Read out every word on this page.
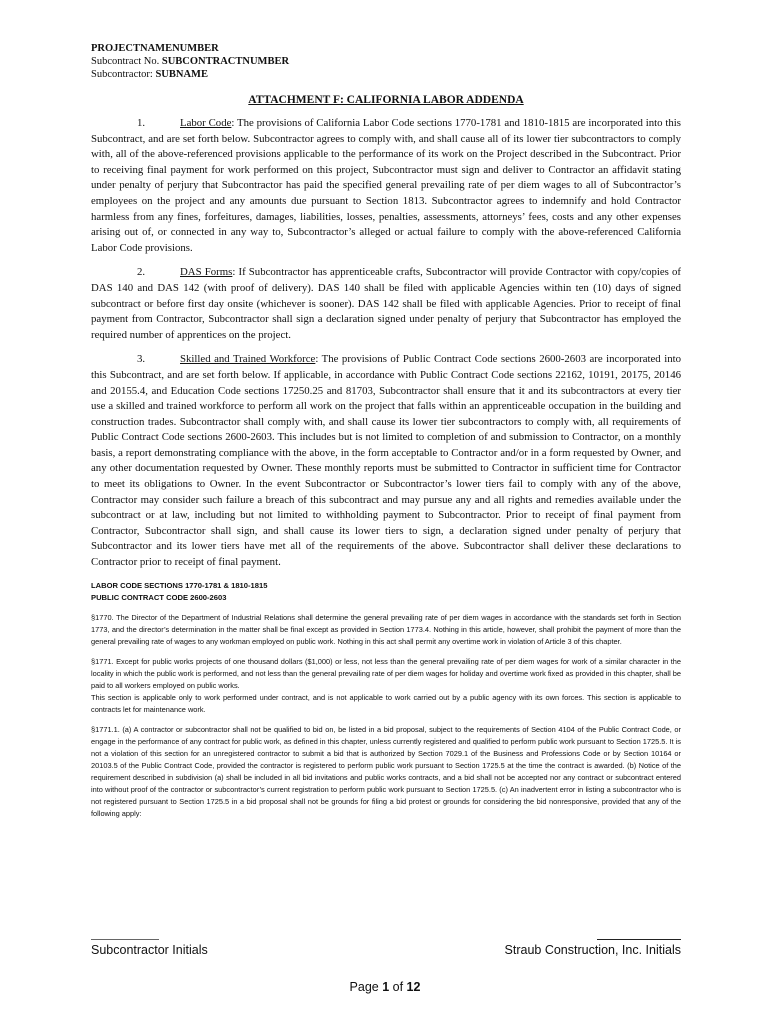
PROJECTNAMENUMBER
Subcontract No. SUBCONTRACTNUMBER
Subcontractor: SUBNAME
ATTACHMENT F: CALIFORNIA LABOR ADDENDA

1.	Labor Code: The provisions of California Labor Code sections 1770-1781 and 1810-1815 are incorporated into this Subcontract, and are set forth below. Subcontractor agrees to comply with, and shall cause all of its lower tier subcontractors to comply with, all of the above-referenced provisions applicable to the performance of its work on the Project described in the Subcontract. Prior to receiving final payment for work performed on this project, Subcontractor must sign and deliver to Contractor an affidavit stating under penalty of perjury that Subcontractor has paid the specified general prevailing rate of per diem wages to all of Subcontractor’s employees on the project and any amounts due pursuant to Section 1813. Subcontractor agrees to indemnify and hold Contractor harmless from any fines, forfeitures, damages, liabilities, losses, penalties, assessments, attorneys’ fees, costs and any other expenses arising out of, or connected in any way to, Subcontractor’s alleged or actual failure to comply with the above-referenced California Labor Code provisions.

2.	DAS Forms: If Subcontractor has apprenticeable crafts, Subcontractor will provide Contractor with copy/copies of DAS 140 and DAS 142 (with proof of delivery). DAS 140 shall be filed with applicable Agencies within ten (10) days of signed subcontract or before first day onsite (whichever is sooner). DAS 142 shall be filed with applicable Agencies. Prior to receipt of final payment from Contractor, Subcontractor shall sign a declaration signed under penalty of perjury that Subcontractor has employed the required number of apprentices on the project.

3.	Skilled and Trained Workforce: The provisions of Public Contract Code sections 2600-2603 are incorporated into this Subcontract, and are set forth below. If applicable, in accordance with Public Contract Code sections 22162, 10191, 20175, 20146 and 20155.4, and Education Code sections 17250.25 and 81703, Subcontractor shall ensure that it and its subcontractors at every tier use a skilled and trained workforce to perform all work on the project that falls within an apprenticeable occupation in the building and construction trades. Subcontractor shall comply with, and shall cause its lower tier subcontractors to comply with, all requirements of Public Contract Code sections 2600-2603. This includes but is not limited to completion of and submission to Contractor, on a monthly basis, a report demonstrating compliance with the above, in the form acceptable to Contractor and/or in a form requested by Owner, and any other documentation requested by Owner. These monthly reports must be submitted to Contractor in sufficient time for Contractor to meet its obligations to Owner. In the event Subcontractor or Subcontractor’s lower tiers fail to comply with any of the above, Contractor may consider such failure a breach of this subcontract and may pursue any and all rights and remedies available under the subcontract or at law, including but not limited to withholding payment to Subcontractor. Prior to receipt of final payment from Contractor, Subcontractor shall sign, and shall cause its lower tiers to sign, a declaration signed under penalty of perjury that Subcontractor and its lower tiers have met all of the requirements of the above. Subcontractor shall deliver these declarations to Contractor prior to receipt of final payment.

LABOR CODE SECTIONS 1770-1781 & 1810-1815
PUBLIC CONTRACT CODE 2600-2603

§1770. The Director of the Department of Industrial Relations shall determine the general prevailing rate of per diem wages in accordance with the standards set forth in Section 1773, and the director’s determination in the matter shall be final except as provided in Section 1773.4. Nothing in this article, however, shall prohibit the payment of more than the general prevailing rate of wages to any workman employed on public work. Nothing in this act shall permit any overtime work in violation of Article 3 of this chapter.

§1771. Except for public works projects of one thousand dollars ($1,000) or less, not less than the general prevailing rate of per diem wages for work of a similar character in the locality in which the public work is performed, and not less than the general prevailing rate of per diem wages for holiday and overtime work fixed as provided in this chapter, shall be paid to all workers employed on public works.

This section is applicable only to work performed under contract, and is not applicable to work carried out by a public agency with its own forces. This section is applicable to contracts let for maintenance work.

§1771.1. (a) A contractor or subcontractor shall not be qualified to bid on, be listed in a bid proposal, subject to the requirements of Section 4104 of the Public Contract Code, or engage in the performance of any contract for public work, as defined in this chapter, unless currently registered and qualified to perform public work pursuant to Section 1725.5. It is not a violation of this section for an unregistered contractor to submit a bid that is authorized by Section 7029.1 of the Business and Professions Code or by Section 10164 or 20103.5 of the Public Contract Code, provided the contractor is registered to perform public work pursuant to Section 1725.5 at the time the contract is awarded. (b) Notice of the requirement described in subdivision (a) shall be included in all bid invitations and public works contracts, and a bid shall not be accepted nor any contract or subcontract entered into without proof of the contractor or subcontractor’s current registration to perform public work pursuant to Section 1725.5. (c) An inadvertent error in listing a subcontractor who is not registered pursuant to Section 1725.5 in a bid proposal shall not be grounds for filing a bid protest or grounds for considering the bid nonresponsive, provided that any of the following apply:

Subcontractor Initials	Straub Construction, Inc. Initials
Page 1 of 12
